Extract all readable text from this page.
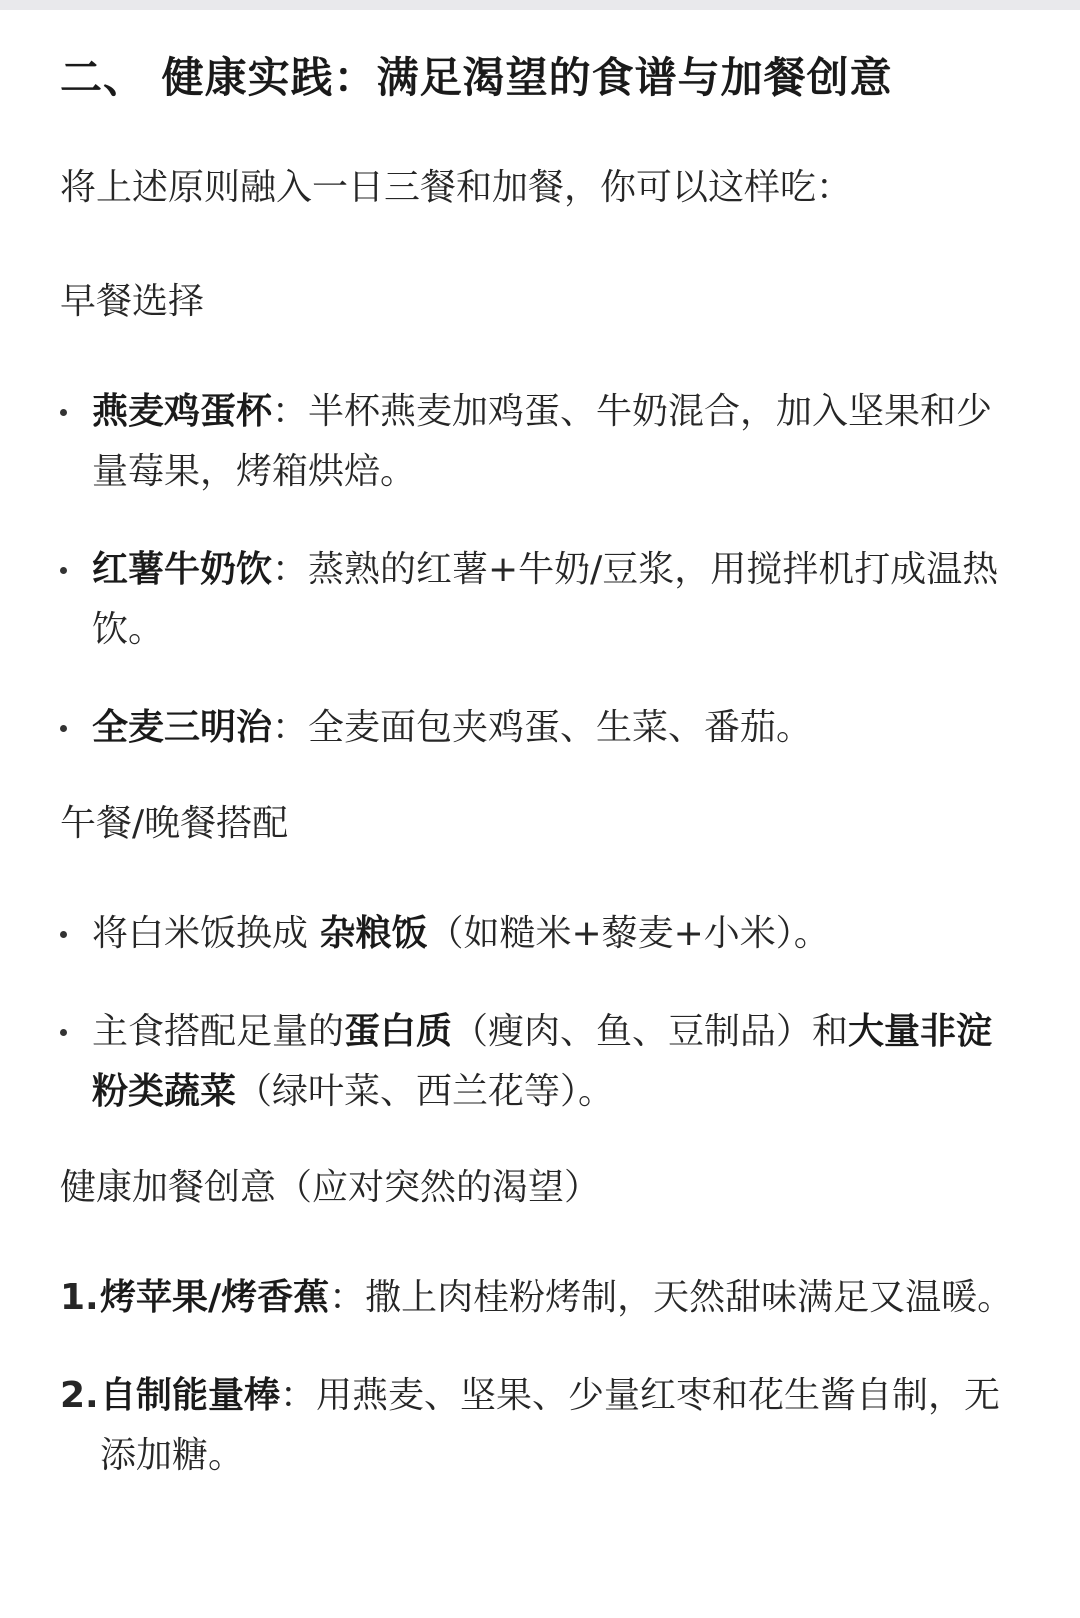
二、 健康实践：满足渴望的食谱与加餐创意
将上述原则融入一日三餐和加餐，你可以这样吃：
早餐选择
燕麦鸡蛋杯：半杯燕麦加鸡蛋、牛奶混合，加入坚果和少量莓果，烤箱烘焙。
红薯牛奶饮：蒸熟的红薯+牛奶/豆浆，用搅拌机打成温热饮。
全麦三明治：全麦面包夹鸡蛋、生菜、番茄。
午餐/晚餐搭配
将白米饭换成 杂粮饭（如糙米+藜麦+小米）。
主食搭配足量的蛋白质（瘦肉、鱼、豆制品）和大量非淀粉类蔬菜（绿叶菜、西兰花等）。
健康加餐创意（应对突然的渴望）
1. 烤苹果/烤香蕉：撒上肉桂粉烤制，天然甜味满足又温暖。
2. 自制能量棒：用燕麦、坚果、少量红枣和花生酱自制，无添加糖。
